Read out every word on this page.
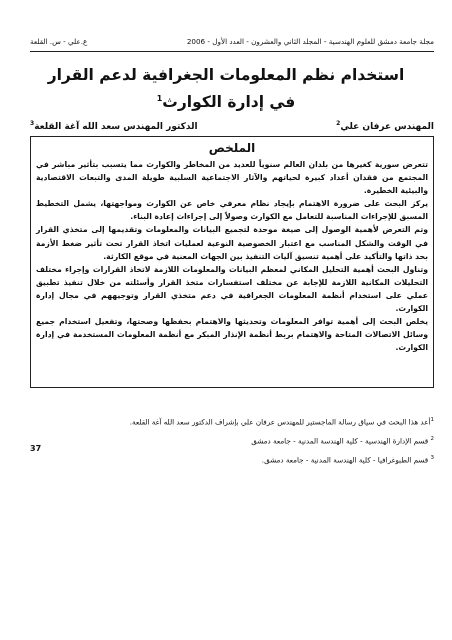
مجلة جامعة دمشق للعلوم الهندسية - المجلد الثاني والعشرون - العدد الأول - 2006
ع.علي - س. القلعة
استخدام نظم المعلومات الجغرافية لدعم القرار في إدارة الكوارث$^1$
المهندس عرفان علي$^2$
الدكتور المهندس سعد الله آغة القلعة$^3$
الملخص

تتعرض سورية كغيرها من بلدان العالم سنوياً للعديد من المخاطر والكوارث مما يتسبب بتأثير مباشر في المجتمع من فقدان أعداد كبيرة لحياتهم والآثار الاجتماعية السلبية طويلة المدى والتبعات الاقتصادية والبيئية الخطيرة.

يركز البحث على ضرورة الاهتمام بإيجاد نظام معرفي خاص عن الكوارث ومواجهتها، يشمل التخطيط المسبق للإجراءات المناسبة للتعامل مع الكوارث وصولاً إلى إجراءات إعادة البناء.

وتم التعرض لأهمية الوصول إلى صيغة موحدة لتجميع البيانات والمعلومات وتقديمها إلى متخذي القرار في الوقت والشكل المناسب مع اعتبار الخصوصية النوعية لعمليات اتخاذ القرار تحت تأثير ضغط الأزمة بحد ذاتها والتأكيد على أهمية تنسيق آليات التنفيذ بين الجهات المعنية في موقع الكارثة.

وتناول البحث أهمية التحليل المكاني لمعظم البيانات والمعلومات اللازمة لاتخاذ القرارات وإجراء مختلف التحليلات المكانية اللازمة للإجابة عن مختلف استفسارات متخذ القرار وأسئلته من خلال تنفيذ تطبيق عملي على استخدام أنظمة المعلومات الجغرافية في دعم متخذي القرار وتوجيههم في مجال إدارة الكوارث.

يخلص البحث إلى أهمية توافر المعلومات وتحديثها والاهتمام بحفظها وصحتها، وتفعيل استخدام جميع وسائل الاتصالات المتاحة والاهتمام بربط أنظمة الإنذار المبكر مع أنظمة المعلومات المستخدمة في إدارة الكوارث.

$^1$أعد هذا البحث في سياق رسالة الماجستير للمهندس عرفان علي بإشراف الدكتور سعد الله آغة القلعة.
$^2$ قسم الإدارة الهندسية - كلية الهندسة المدنية - جامعة دمشق
$^3$ قسم الطبوغرافيا - كلية الهندسة المدنية - جامعة دمشق.
37
